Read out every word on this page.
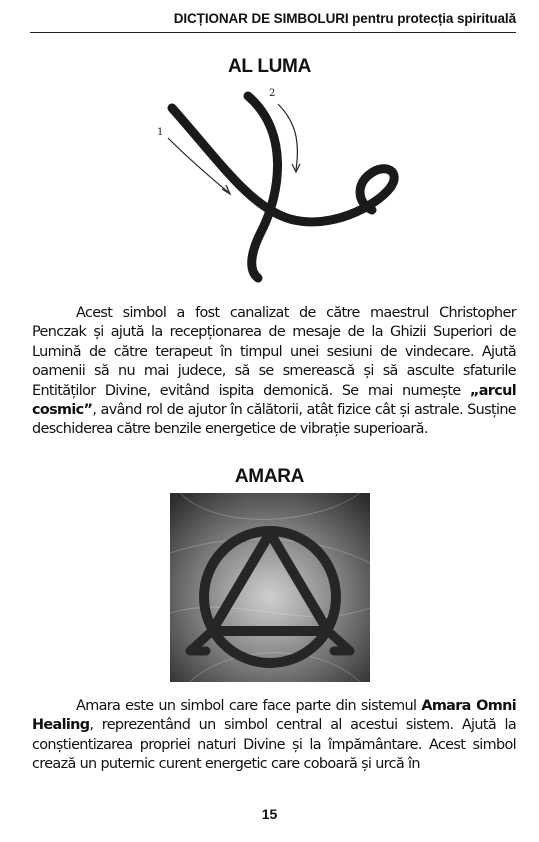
DICȚIONAR DE SIMBOLURI pentru protecția spirituală
AL LUMA
1
2

Acest simbol a fost canalizat de către maestrul Christopher Penczak și ajută la recepționarea de mesaje de la Ghizii Superiori de Lumină de către terapeut în timpul unei sesiuni de vindecare. Ajută oamenii să nu mai judece, să se smerească și să asculte sfaturile Entităților Divine, evitând ispita demonică. Se mai numește „arcul cosmic”, având rol de ajutor în călătorii, atât fizice cât și astrale. Susține deschiderea către benzile energetice de vibrație superioară.

AMARA

Amara este un simbol care face parte din sistemul Amara Omni Healing, reprezentând un simbol central al acestui sistem. Ajută la conștientizarea propriei naturi Divine și la împământare. Acest simbol crează un puternic curent energetic care coboară și urcă în

15
